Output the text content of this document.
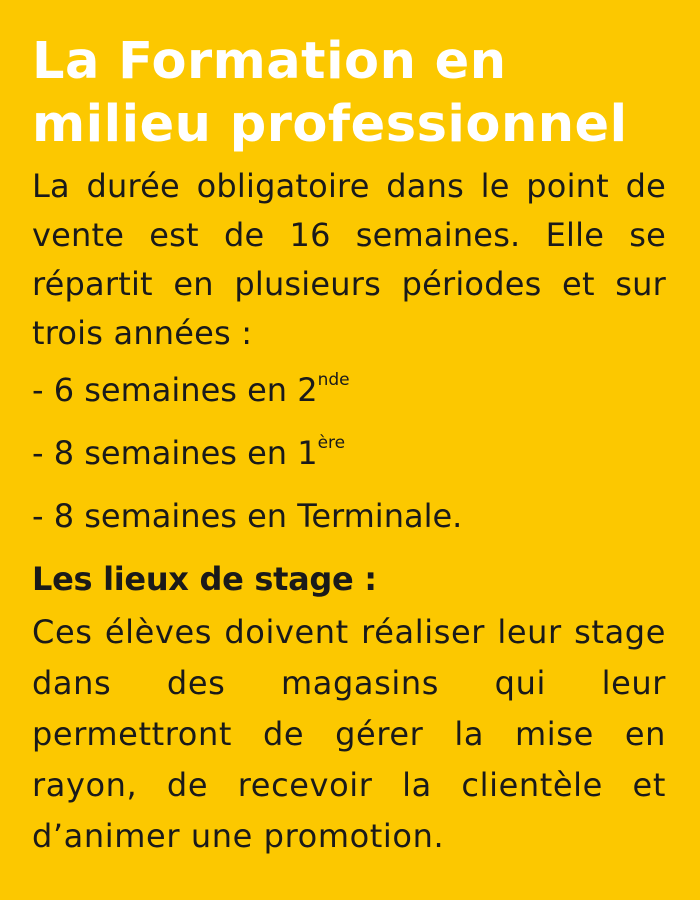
La Formation en
milieu professionnel

La durée obligatoire dans le point de vente est de 16 semaines. Elle se répartit en plusieurs périodes et sur trois années :

- 6 semaines en 2nde
- 8 semaines en 1ère
- 8 semaines en Terminale.
Les lieux de stage :

Ces élèves doivent réaliser leur stage dans des magasins qui leur permettront de gérer la mise en rayon, de recevoir la clientèle et d’animer une promotion.
